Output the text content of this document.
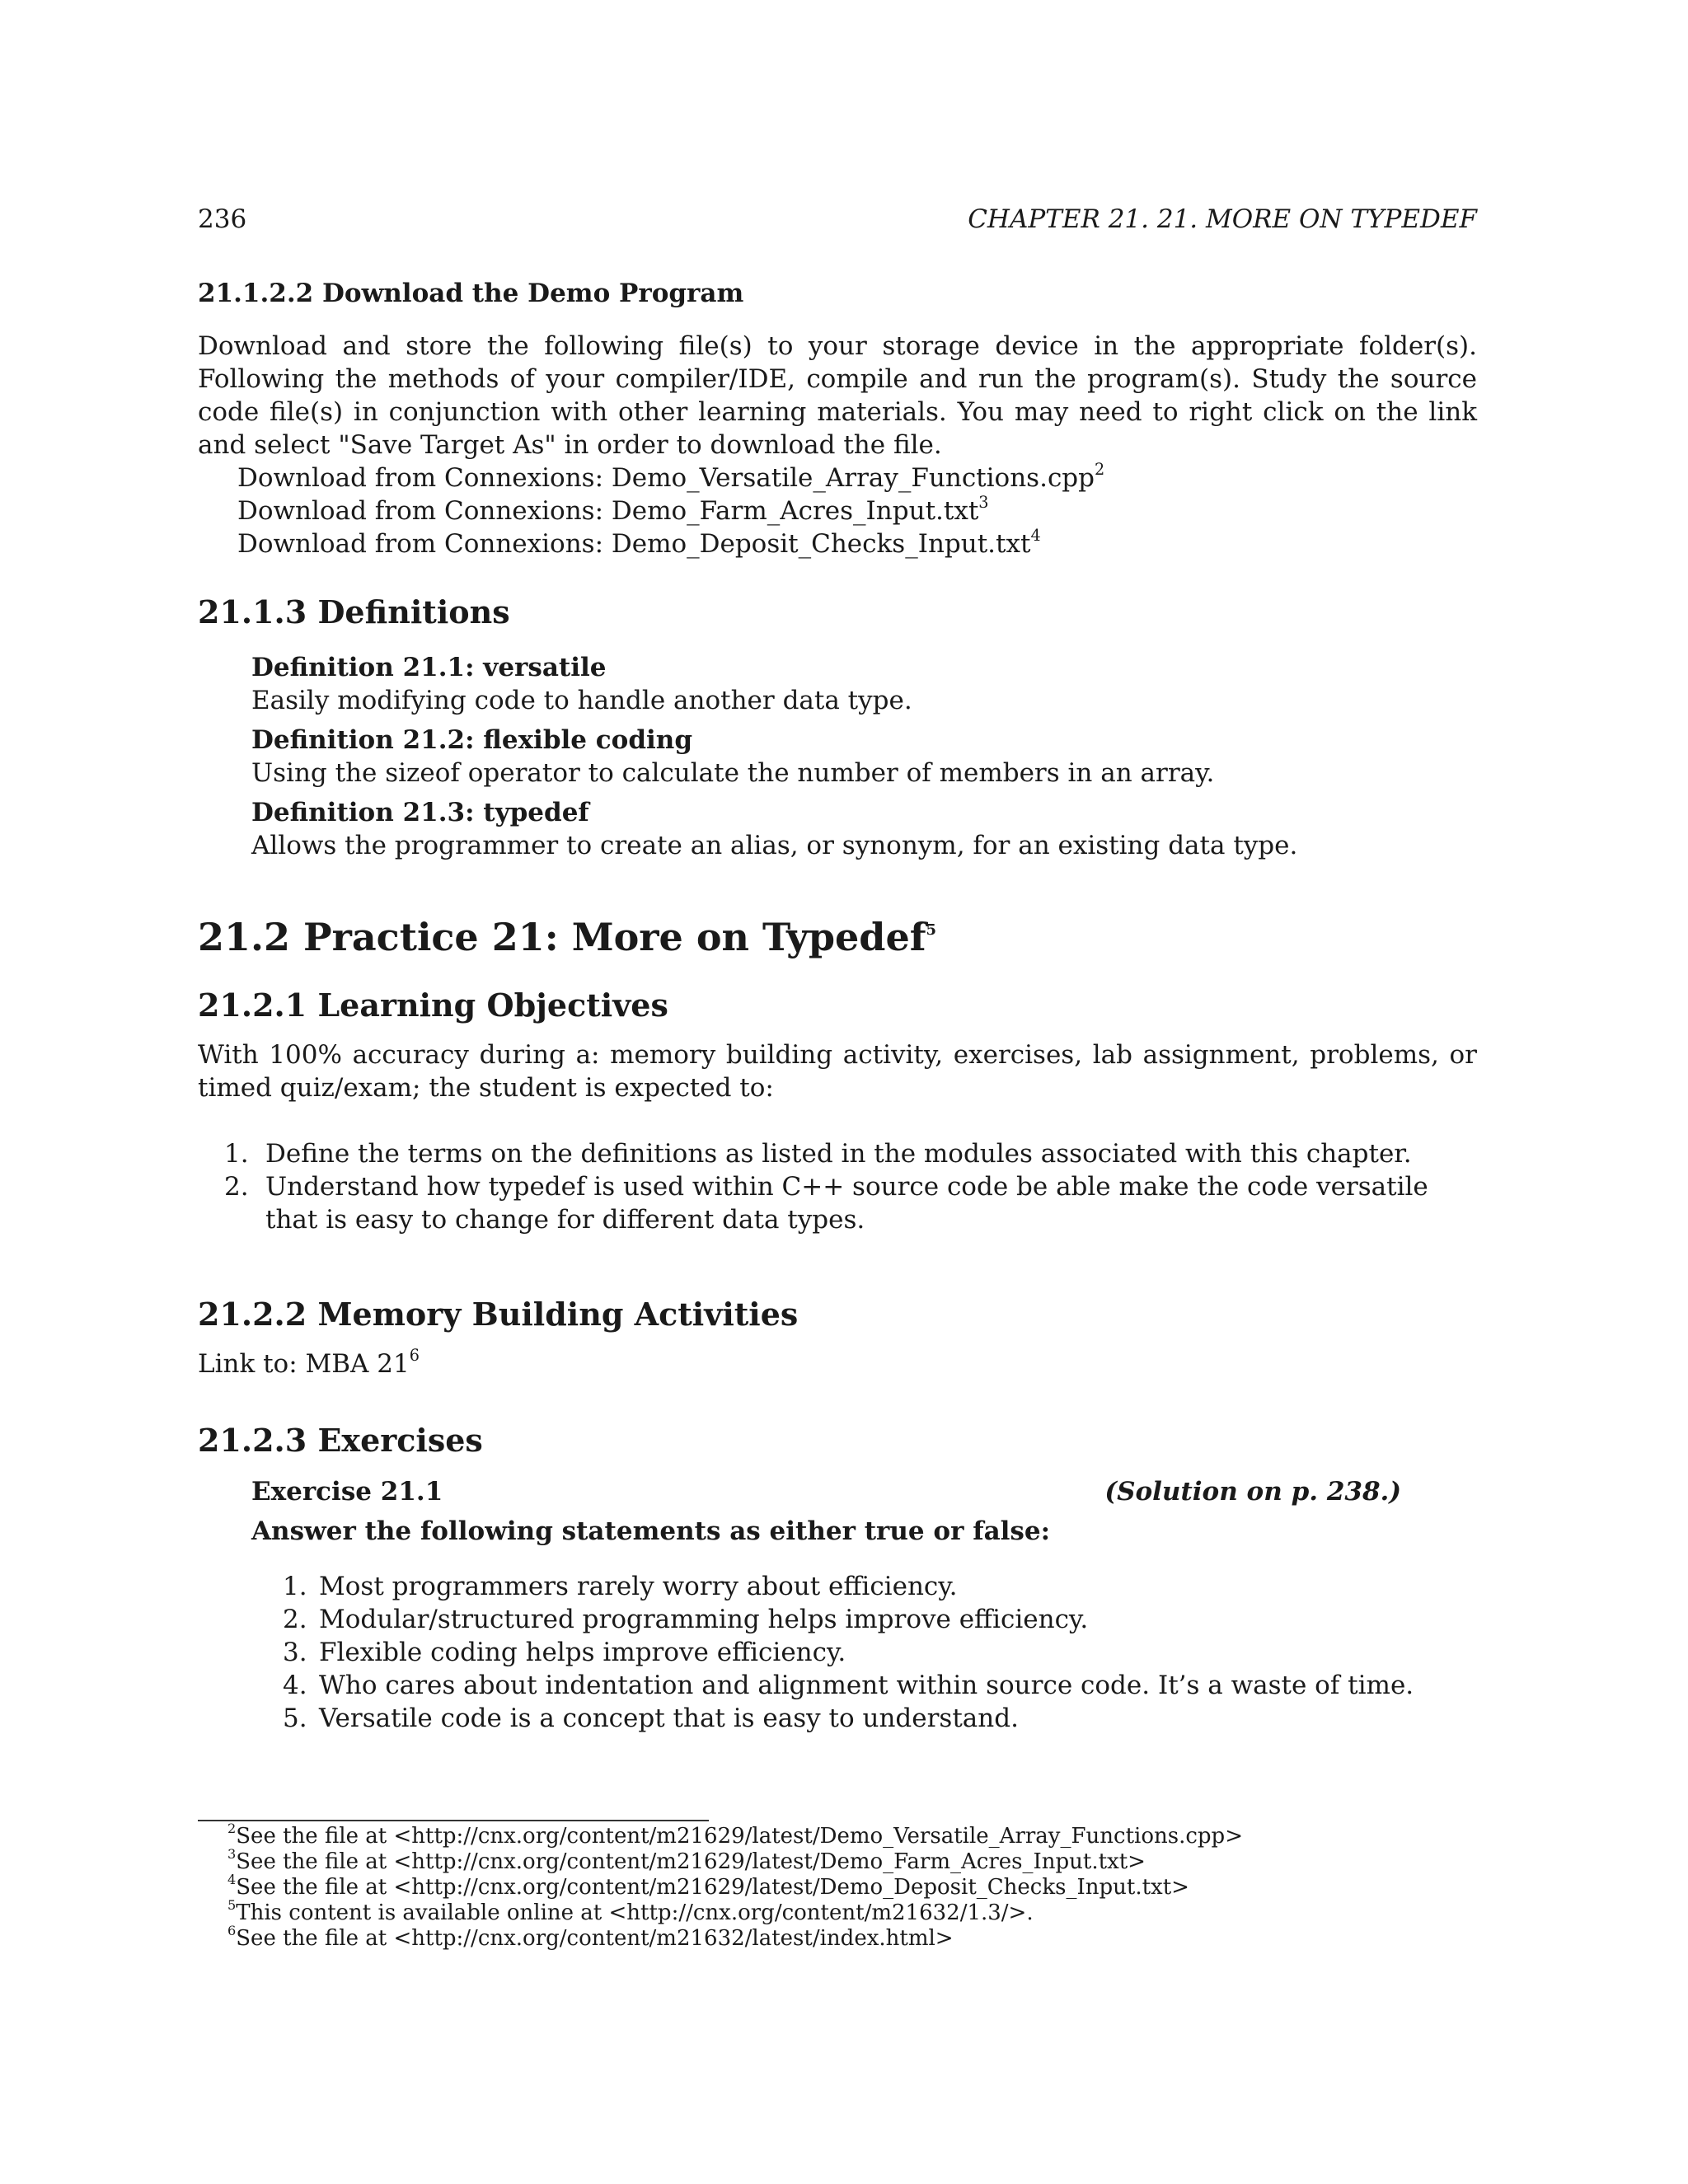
236	CHAPTER 21. 21. MORE ON TYPEDEF
21.1.2.2 Download the Demo Program

Download and store the following file(s) to your storage device in the appropriate folder(s). Following the methods of your compiler/IDE, compile and run the program(s). Study the source code file(s) in conjunction with other learning materials. You may need to right click on the link and select "Save Target As" in order to download the file.

Download from Connexions: Demo_Versatile_Array_Functions.cpp$^2$
Download from Connexions: Demo_Farm_Acres_Input.txt$^3$
Download from Connexions: Demo_Deposit_Checks_Input.txt$^4$
21.1.3 Definitions
Definition 21.1: versatile
Easily modifying code to handle another data type.
Definition 21.2: flexible coding
Using the sizeof operator to calculate the number of members in an array.
Definition 21.3: typedef
Allows the programmer to create an alias, or synonym, for an existing data type.
21.2 Practice 21: More on Typedef$^5$
21.2.1 Learning Objectives

With 100% accuracy during a: memory building activity, exercises, lab assignment, problems, or timed quiz/exam; the student is expected to:

1. Define the terms on the definitions as listed in the modules associated with this chapter.
2. Understand how typedef is used within C++ source code be able make the code versatile that is easy to change for different data types.
21.2.2 Memory Building Activities
Link to: MBA $21^6$
21.2.3 Exercises
Exercise 21.1	(Solution on p. 238.)
Answer the following statements as either true or false:
1. Most programmers rarely worry about efficiency.
2. Modular/structured programming helps improve efficiency.
3. Flexible coding helps improve efficiency.
4. Who cares about indentation and alignment within source code. It’s a waste of time.
5. Versatile code is a concept that is easy to understand.
$^2$See the file at <http://cnx.org/content/m21629/latest/Demo_Versatile_Array_Functions.cpp>
$^3$See the file at <http://cnx.org/content/m21629/latest/Demo_Farm_Acres_Input.txt>
$^4$See the file at <http://cnx.org/content/m21629/latest/Demo_Deposit_Checks_Input.txt>
$^5$This content is available online at <http://cnx.org/content/m21632/1.3/>.
$^6$See the file at <http://cnx.org/content/m21632/latest/index.html>
